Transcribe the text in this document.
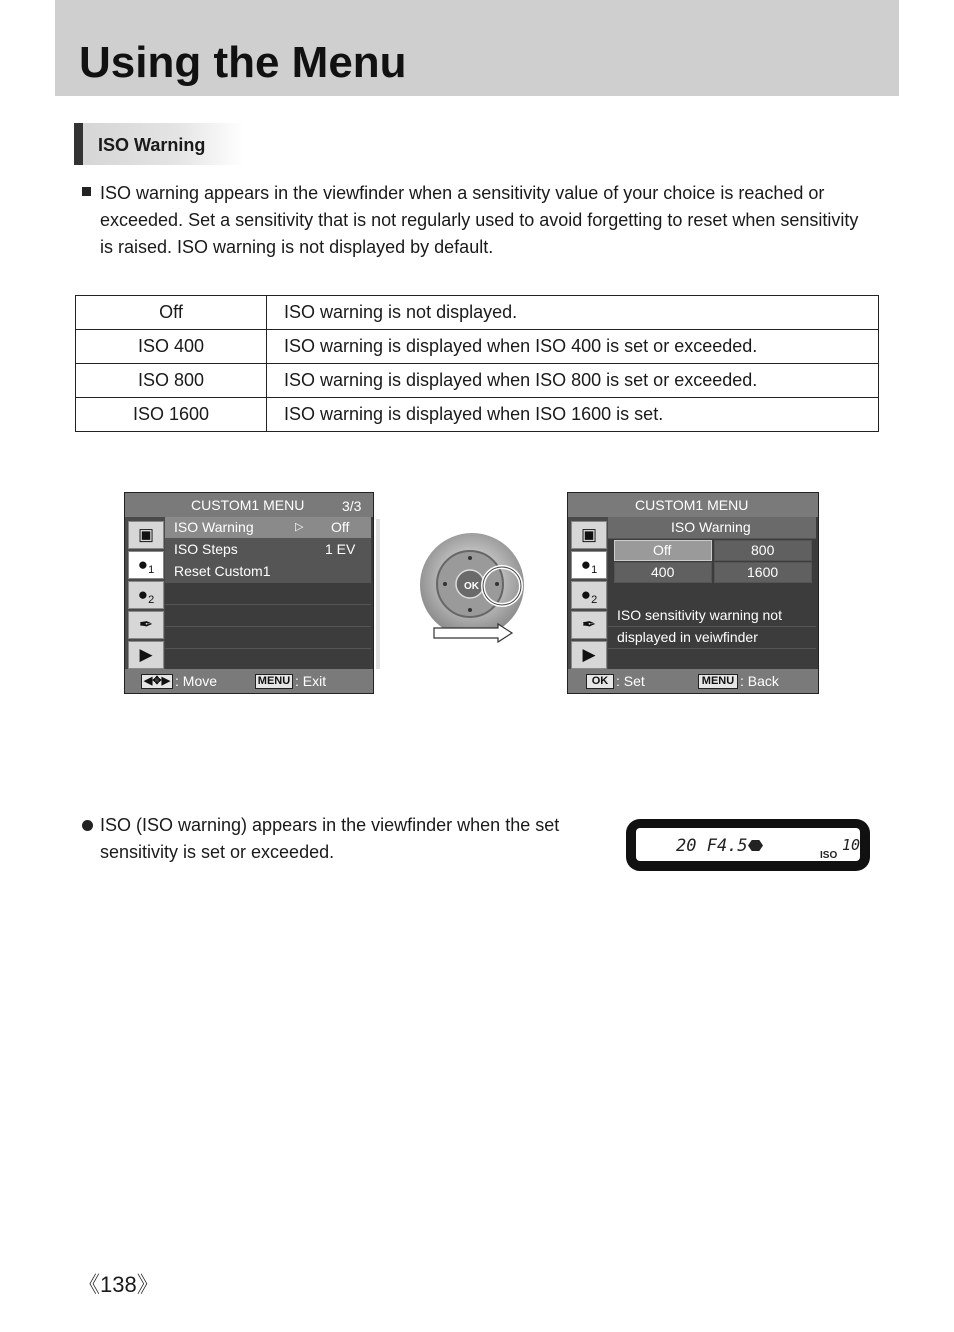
Using the Menu
ISO Warning
ISO warning appears in the viewfinder when a sensitivity value of your choice is reached or exceeded. Set a sensitivity that is not regularly used to avoid forgetting to reset when sensitivity is raised. ISO warning is not displayed by default.
Off	ISO warning is not displayed.
ISO 400	ISO warning is displayed when ISO 400 is set or exceeded.
ISO 800	ISO warning is displayed when ISO 800 is set or exceeded.
ISO 1600	ISO warning is displayed when ISO 1600 is set.
CUSTOM1 MENU	3/3
▣
●1
●2
✒
▶
ISO Warning	▷ Off
ISO Steps	1 EV
Reset Custom1
◀✥▶ : Move	MENU : Exit
OK
CUSTOM1 MENU
▣
●1
●2
✒
▶
ISO Warning
Off	800
400	1600
ISO sensitivity warning not
displayed in veiwfinder
OK : Set	MENU : Back
ISO (ISO warning) appears in the viewfinder when the set sensitivity is set or exceeded.	20 F4.5	ISO
10
《138》
